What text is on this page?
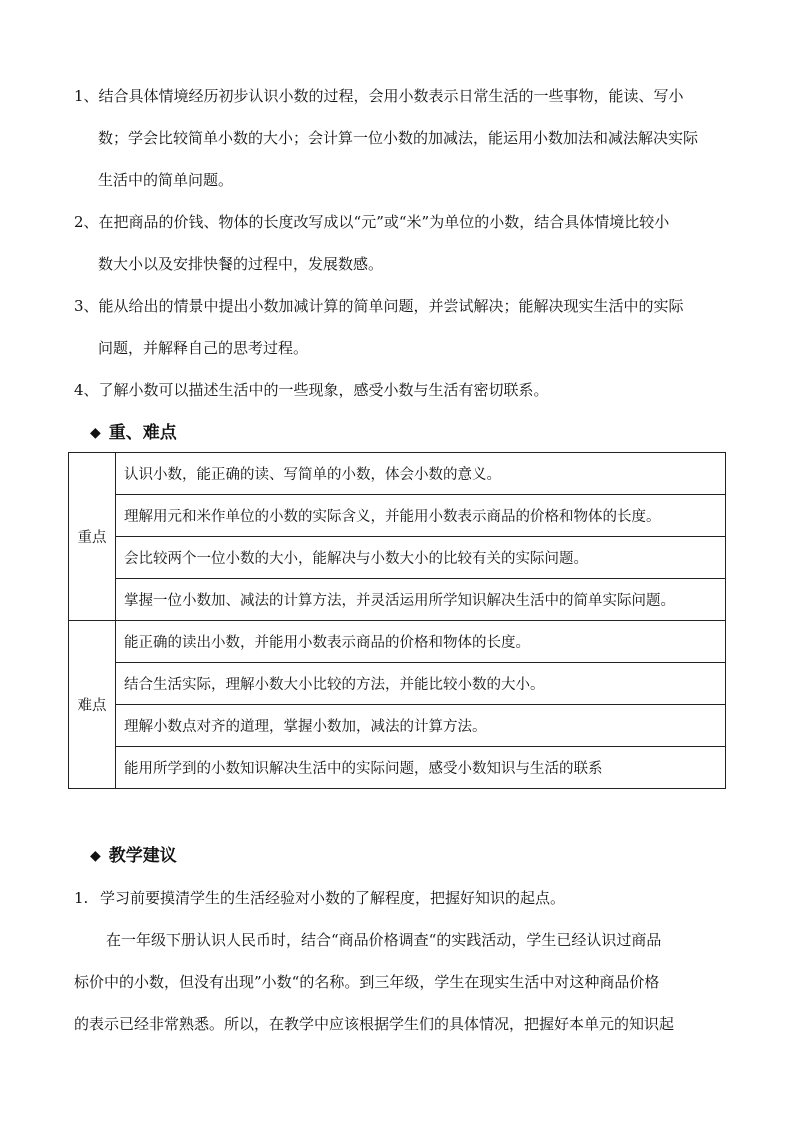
1、结合具体情境经历初步认识小数的过程，会用小数表示日常生活的一些事物，能读、写小
数；学会比较简单小数的大小；会计算一位小数的加减法，能运用小数加法和减法解决实际
生活中的简单问题。
2、在把商品的价钱、物体的长度改写成以“元”或“米”为单位的小数，结合具体情境比较小
数大小以及安排快餐的过程中，发展数感。
3、能从给出的情景中提出小数加减计算的简单问题，并尝试解决；能解决现实生活中的实际
问题，并解释自己的思考过程。
4、了解小数可以描述生活中的一些现象，感受小数与生活有密切联系。
◆ 重、难点
重点	认识小数，能正确的读、写简单的小数，体会小数的意义。
	理解用元和米作单位的小数的实际含义，并能用小数表示商品的价格和物体的长度。
	会比较两个一位小数的大小，能解决与小数大小的比较有关的实际问题。
	掌握一位小数加、减法的计算方法，并灵活运用所学知识解决生活中的简单实际问题。
难点	能正确的读出小数，并能用小数表示商品的价格和物体的长度。
	结合生活实际，理解小数大小比较的方法，并能比较小数的大小。
	理解小数点对齐的道理，掌握小数加，减法的计算方法。
	能用所学到的小数知识解决生活中的实际问题，感受小数知识与生活的联系
◆ 教学建议
1. 学习前要摸清学生的生活经验对小数的了解程度，把握好知识的起点。
在一年级下册认识人民币时，结合“商品价格调查“的实践活动，学生已经认识过商品
标价中的小数，但没有出现”小数“的名称。到三年级，学生在现实生活中对这种商品价格
的表示已经非常熟悉。所以，在教学中应该根据学生们的具体情况，把握好本单元的知识起
